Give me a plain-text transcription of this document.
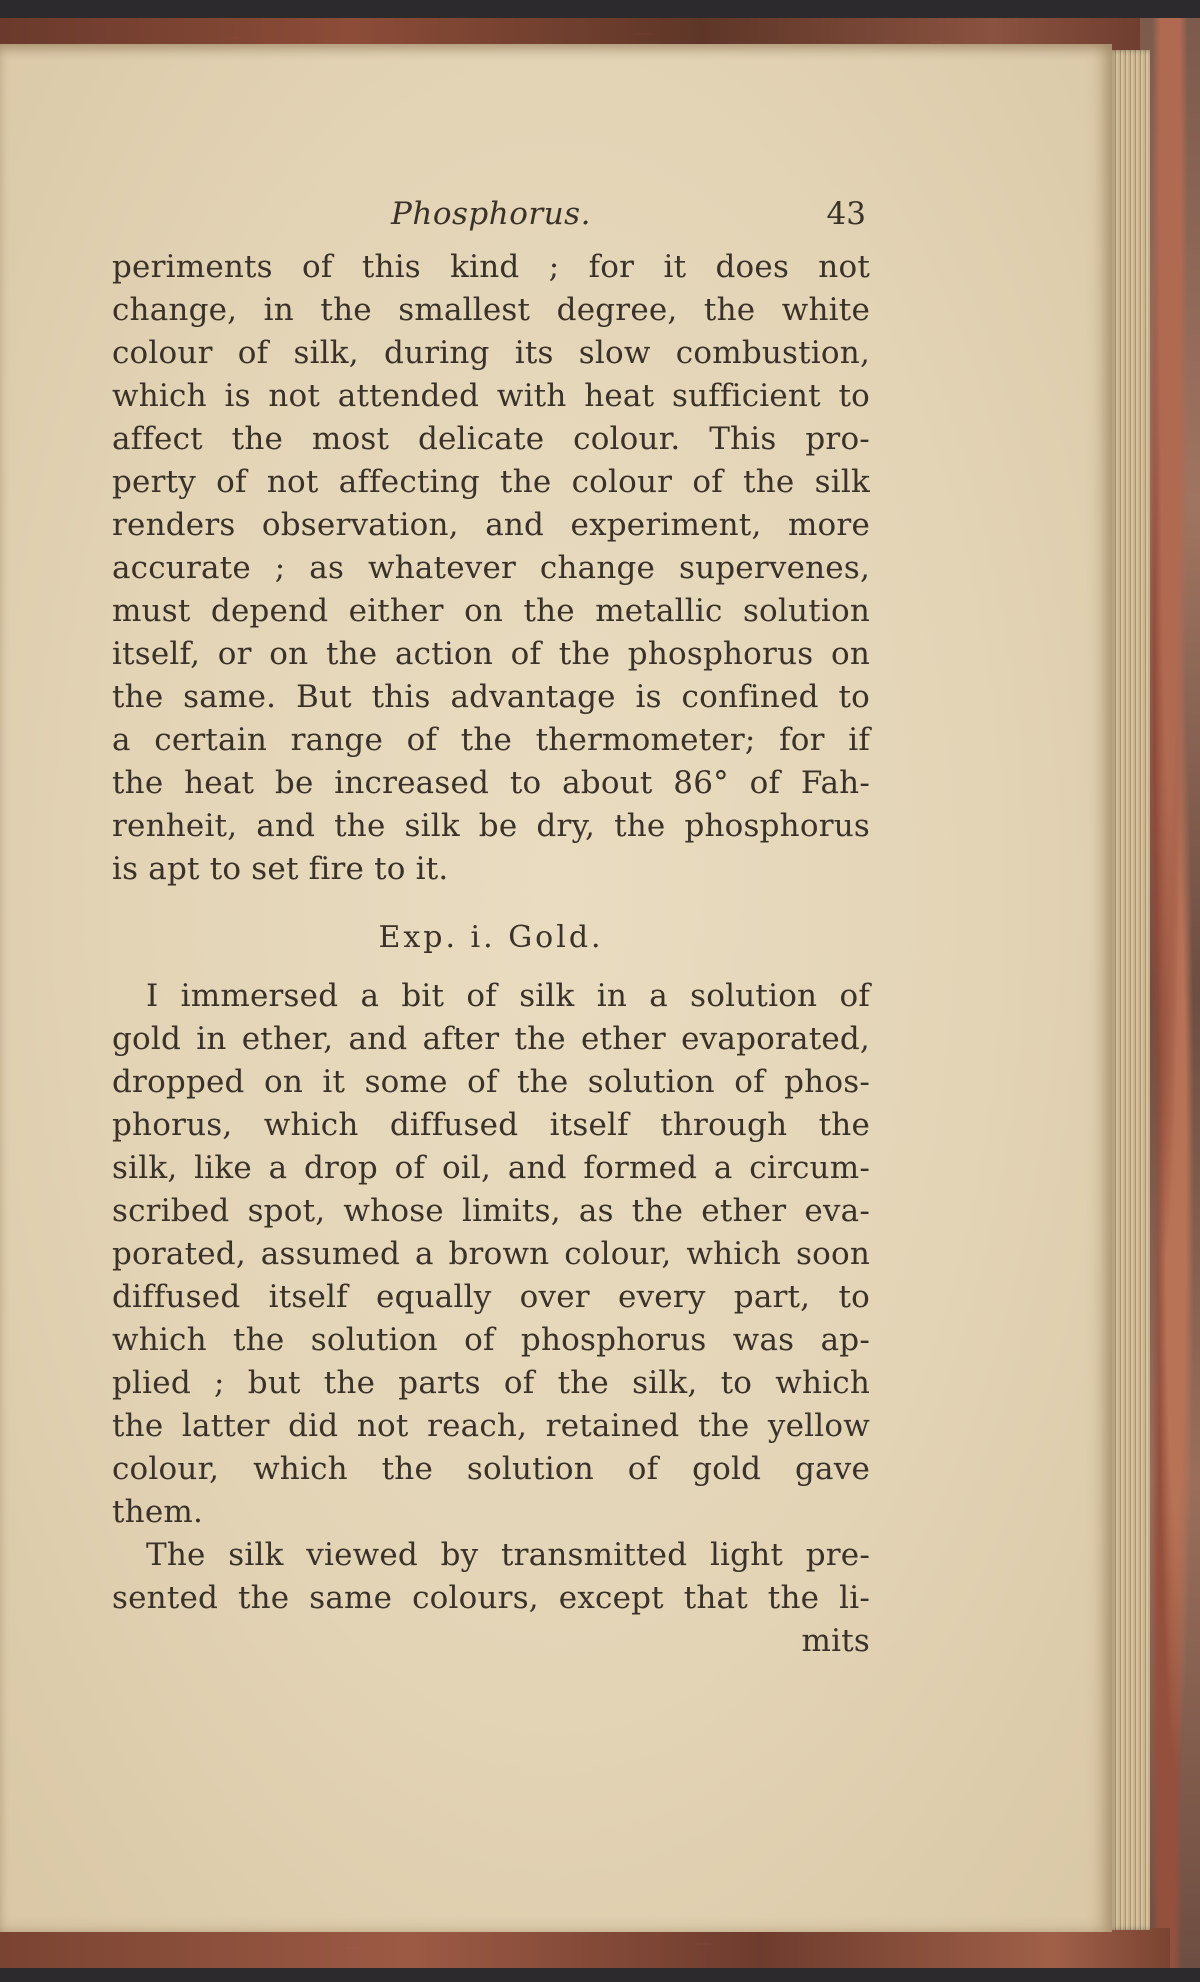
Phosphorus.	43
periments of this kind ; for it does not
change, in the smallest degree, the white
colour of silk, during its slow combustion,
which is not attended with heat sufficient to
affect the most delicate colour. This pro-
perty of not affecting the colour of the silk
renders observation, and experiment, more
accurate ; as whatever change supervenes,
must depend either on the metallic solution
itself, or on the action of the phosphorus on
the same. But this advantage is confined to
a certain range of the thermometer; for if
the heat be increased to about 86° of Fah-
renheit, and the silk be dry, the phosphorus
is apt to set fire to it.
Exp. i. Gold.
I immersed a bit of silk in a solution of
gold in ether, and after the ether evaporated,
dropped on it some of the solution of phos-
phorus, which diffused itself through the
silk, like a drop of oil, and formed a circum-
scribed spot, whose limits, as the ether eva-
porated, assumed a brown colour, which soon
diffused itself equally over every part, to
which the solution of phosphorus was ap-
plied ; but the parts of the silk, to which
the latter did not reach, retained the yellow
colour, which the solution of gold gave
them.
The silk viewed by transmitted light pre-
sented the same colours, except that the li-
mits
